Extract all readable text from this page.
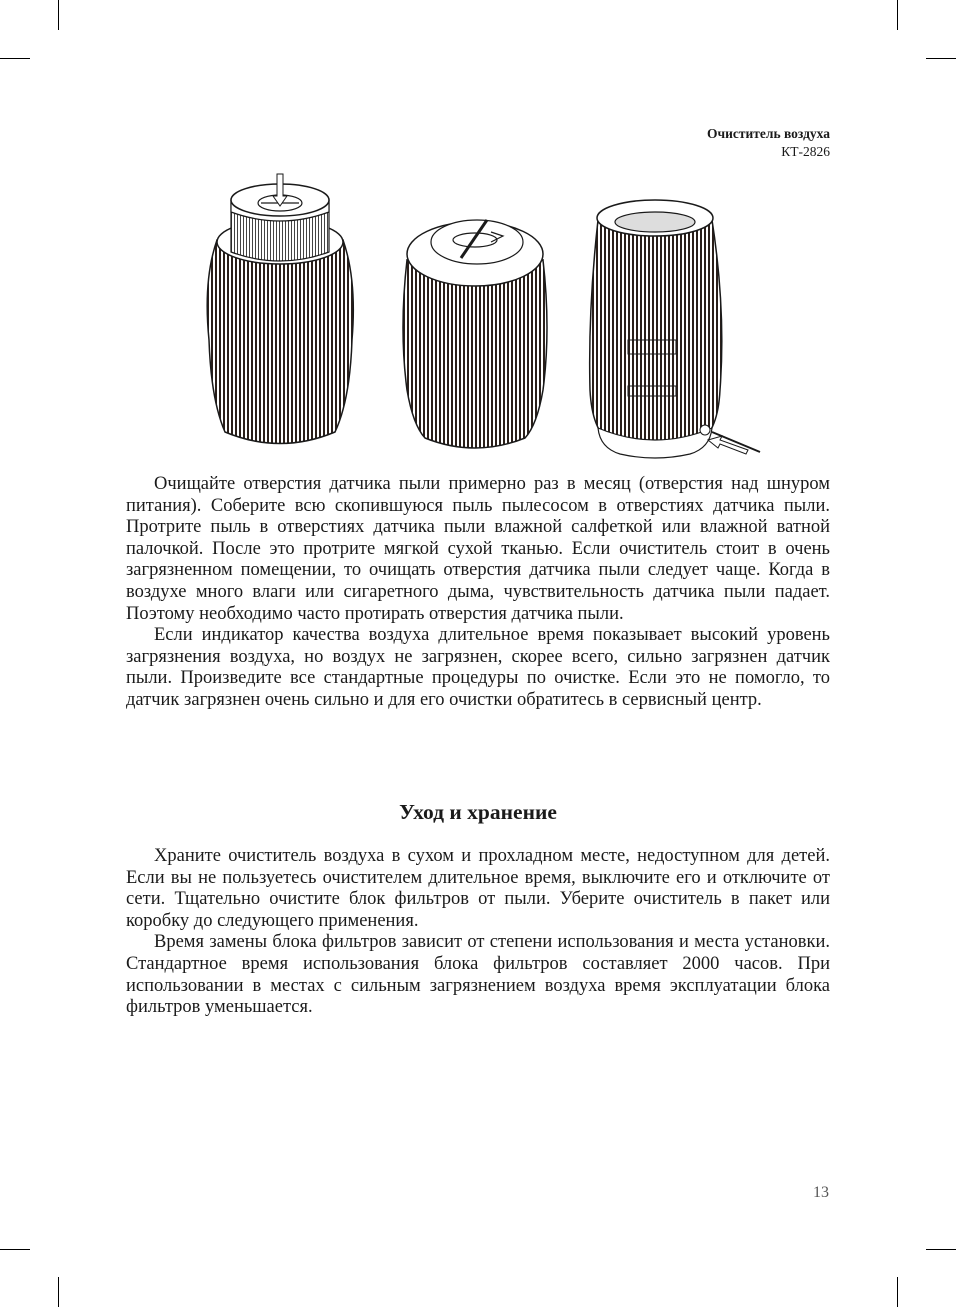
Очиститель воздуха
КТ-2826

Очищайте отверстия датчика пыли примерно раз в месяц (отверстия над шнуром питания). Соберите всю скопившуюся пыль пылесосом в отверстиях датчика пыли. Протрите пыль в отверстиях датчика пыли влажной салфеткой или влажной ватной палочкой. После это протрите мягкой сухой тканью. Если очиститель стоит в очень загрязненном помещении, то очищать отверстия датчика пыли следует чаще. Когда в воздухе много влаги или сигаретного дыма, чувствительность датчика пыли падает. Поэтому необходимо часто протирать отверстия датчика пыли.

Если индикатор качества воздуха длительное время показывает высокий уровень загрязнения воздуха, но воздух не загрязнен, скорее всего, сильно загрязнен датчик пыли. Произведите все стандартные процедуры по очистке. Если это не помогло, то датчик загрязнен очень сильно и для его очистки обратитесь в сервисный центр.

Уход и хранение

Храните очиститель воздуха в сухом и прохладном месте, недоступном для детей. Если вы не пользуетесь очистителем длительное время, выключите его и отключите от сети. Тщательно очистите блок фильтров от пыли. Уберите очиститель в пакет или коробку до следующего применения.

Время замены блока фильтров зависит от степени использования и места установки. Стандартное время использования блока фильтров составляет 2000 часов. При использовании в местах с сильным загрязнением воздуха время эксплуатации блока фильтров уменьшается.

13
